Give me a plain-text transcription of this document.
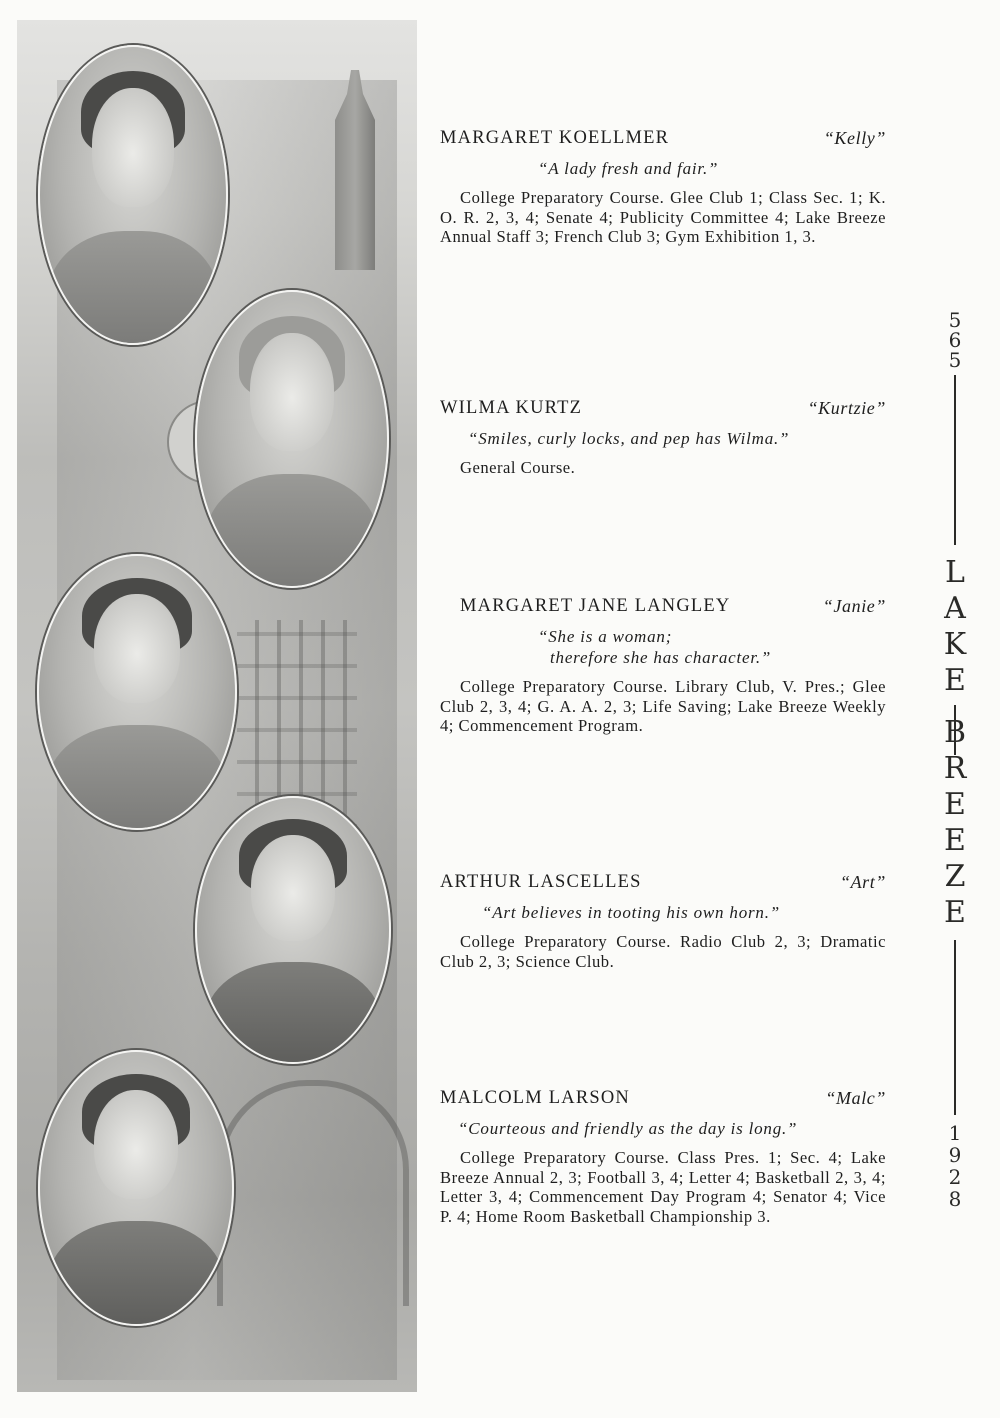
MARGARET KOELLMER	“Kelly”
“A lady fresh and fair.”
College Preparatory Course. Glee Club 1; Class Sec. 1; K. O. R. 2, 3, 4; Senate 4; Publicity Committee 4; Lake Breeze Annual Staff 3; French Club 3; Gym Exhibition 1, 3.
WILMA KURTZ	“Kurtzie”
“Smiles, curly locks, and pep has Wilma.”
General Course.
MARGARET JANE LANGLEY	“Janie”
“She is a woman;
therefore she has character.”
College Preparatory Course. Library Club, V. Pres.; Glee Club 2, 3, 4; G. A. A. 2, 3; Life Saving; Lake Breeze Weekly 4; Commencement Program.
ARTHUR LASCELLES	“Art”
“Art believes in tooting his own horn.”
College Preparatory Course. Radio Club 2, 3; Dramatic Club 2, 3; Science Club.
MALCOLM LARSON	“Malc”
“Courteous and friendly as the day is long.”
College Preparatory Course. Class Pres. 1; Sec. 4; Lake Breeze Annual 2, 3; Football 3, 4; Letter 4; Basketball 2, 3, 4; Letter 3, 4; Commencement Day Program 4; Senator 4; Vice P. 4; Home Room Basketball Championship 3.
565
LAKE
BREEZE
1928
